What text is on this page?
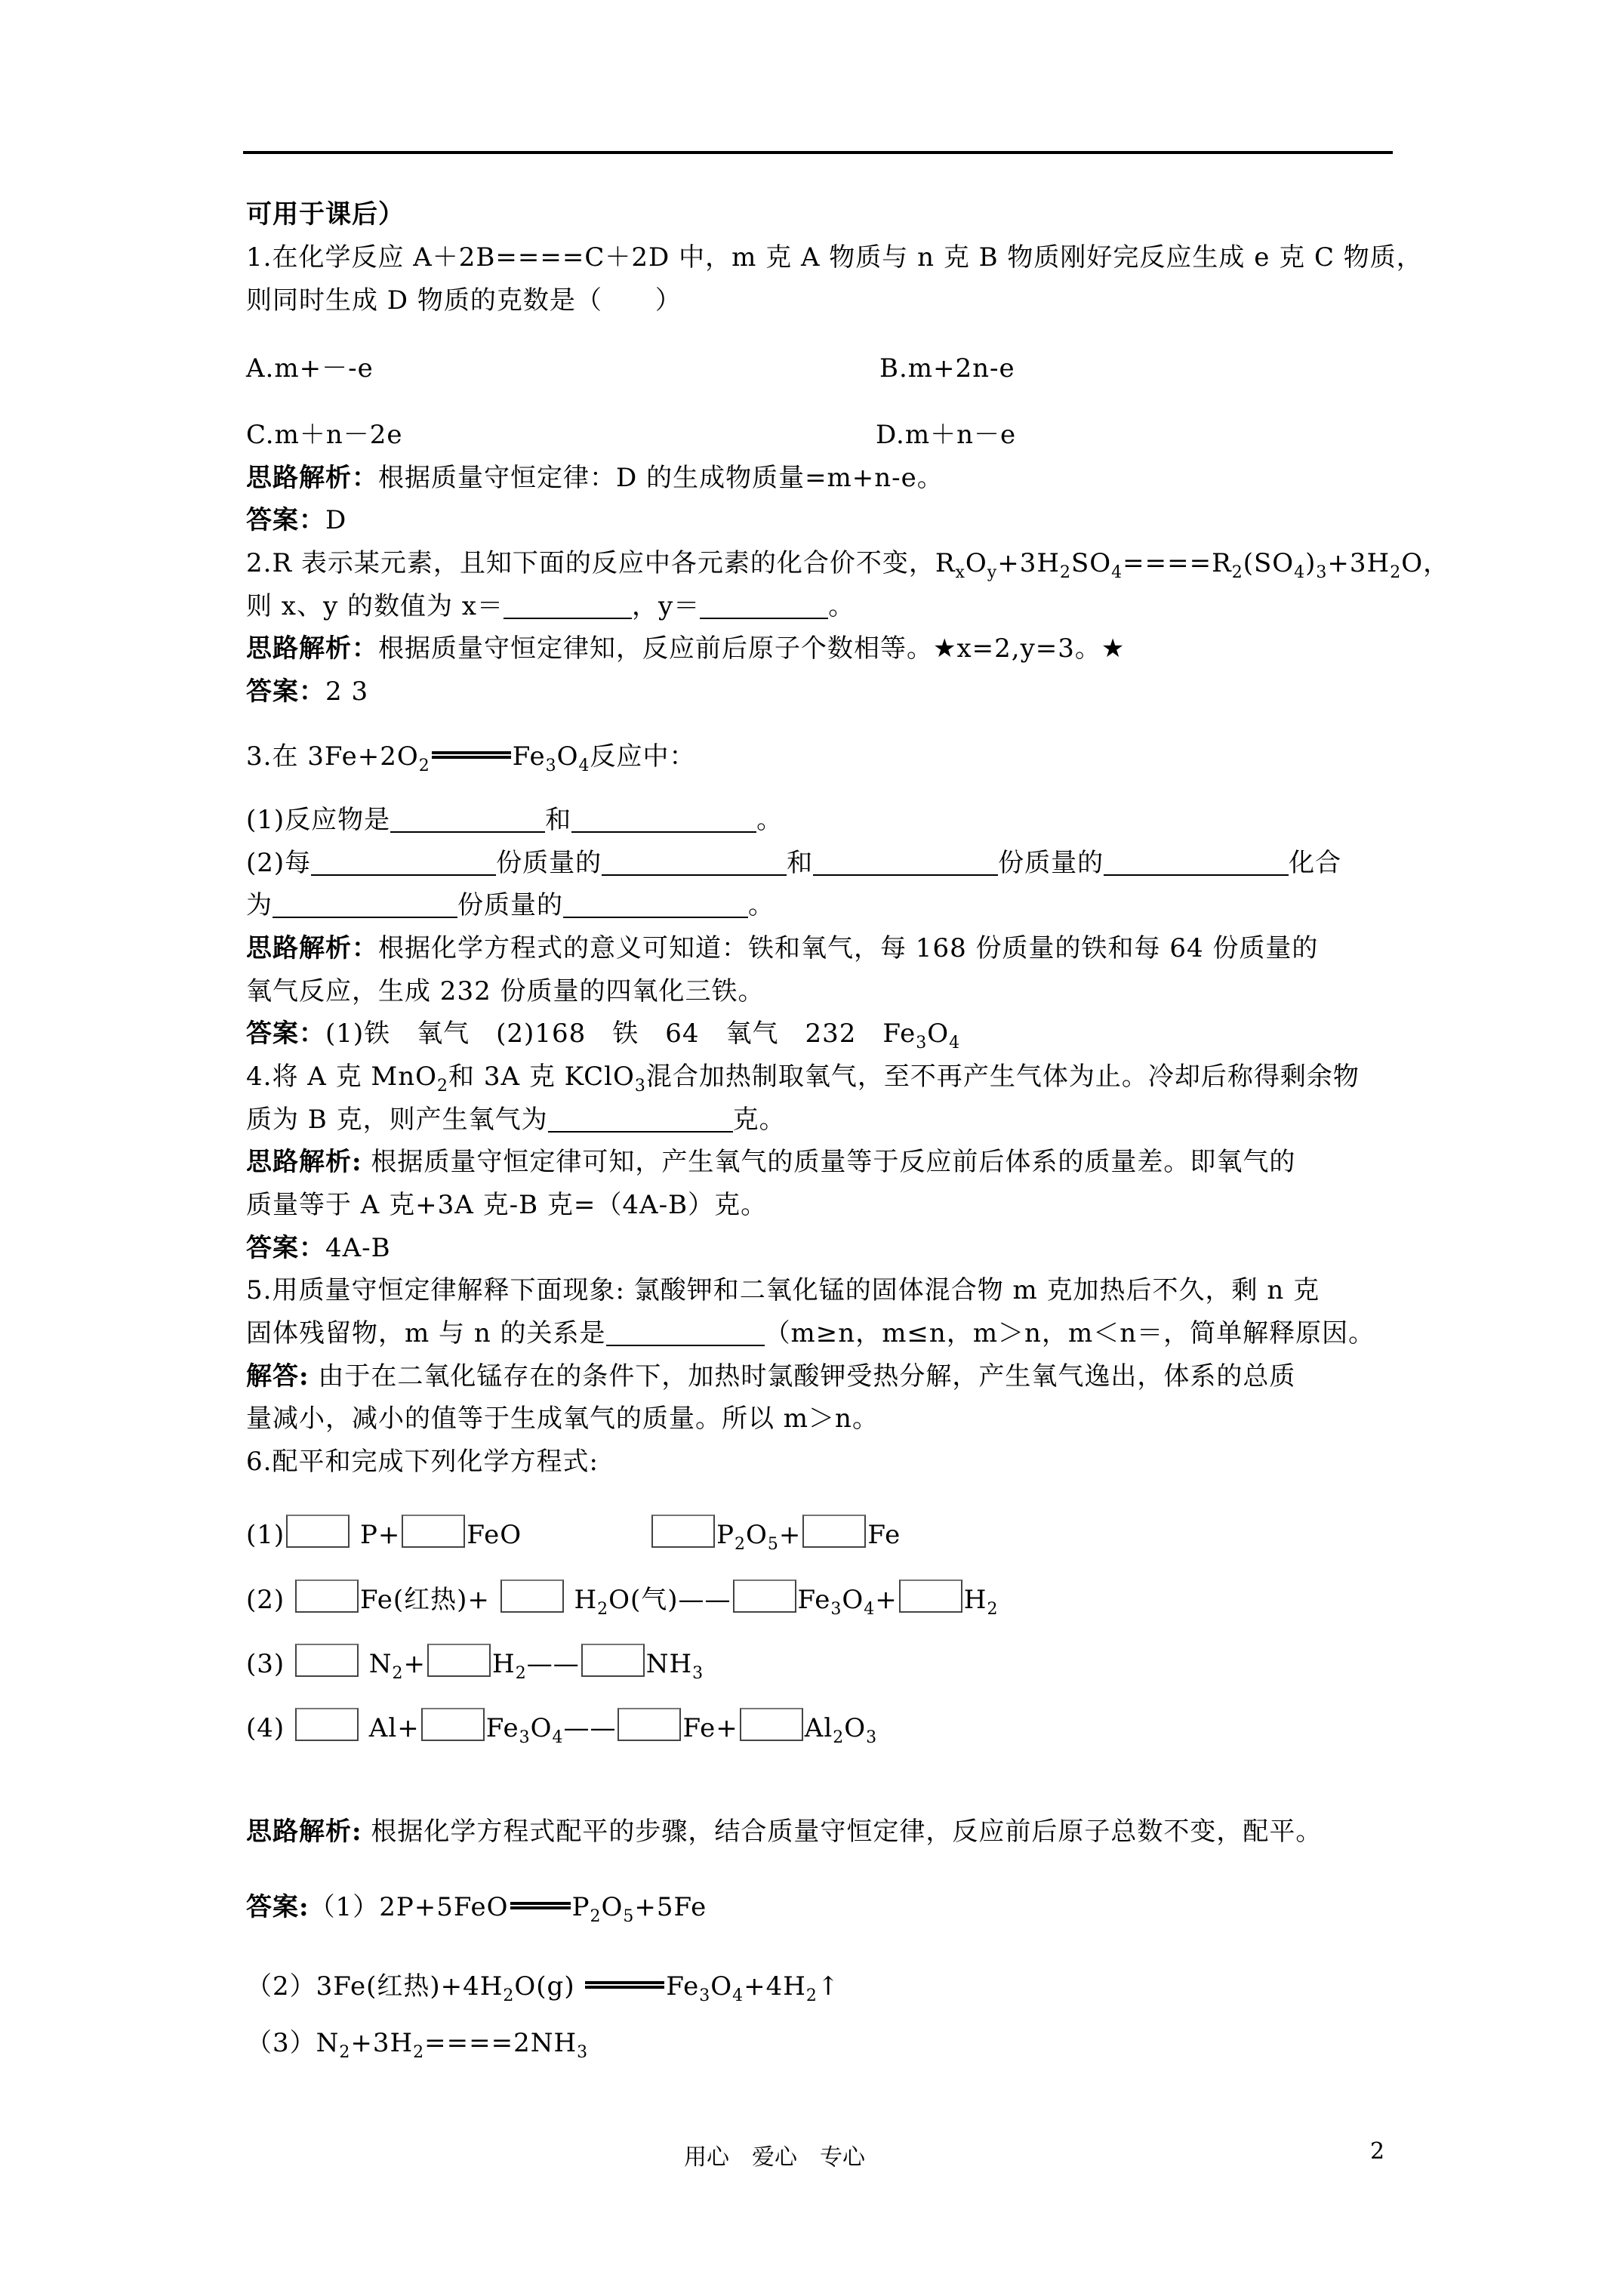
可用于课后）
1.在化学反应 A＋2B====C＋2D 中，m 克 A 物质与 n 克 B 物质刚好完反应生成 e 克 C 物质，
则同时生成 D 物质的克数是（　　）
A.m+－-e	B.m+2n-e
C.m＋n－2e	D.m＋n－e
思路解析：根据质量守恒定律：D 的生成物质量=m+n-e。
答案：D
2.R 表示某元素，且知下面的反应中各元素的化合价不变，$R_xO_y+3H_2SO_4====R_2(SO_4)_3+3H_2O$，
则 x、y 的数值为 x＝	，y＝	。
思路解析：根据质量守恒定律知，反应前后原子个数相等。★x=2,y=3。★
答案：2 3
3.在 $3Fe+2O_2$	$Fe_3O_4$反应中：
(1)反应物是	和	。
(2)每	份质量的	和	份质量的	化合
为	份质量的	。
思路解析：根据化学方程式的意义可知道：铁和氧气，每 168 份质量的铁和每 64 份质量的
氧气反应，生成 232 份质量的四氧化三铁。
答案：(1)铁　氧气　(2)168　铁　64　氧气　232　$Fe_3O_4$
4.将 A 克 MnO$_2$和 3A 克 KClO$_3$混合加热制取氧气，至不再产生气体为止。冷却后称得剩余物
质为 B 克，则产生氧气为	克。
思路解析: 根据质量守恒定律可知，产生氧气的质量等于反应前后体系的质量差。即氧气的
质量等于 A 克+3A 克-B 克=（4A-B）克。
答案：4A-B
5.用质量守恒定律解释下面现象: 氯酸钾和二氧化锰的固体混合物 m 克加热后不久，剩 n 克
固体残留物，m 与 n 的关系是	（m≥n，m≤n，m＞n，m＜n＝，简单解释原因。
解答: 由于在二氧化锰存在的条件下，加热时氯酸钾受热分解，产生氧气逸出，体系的总质
量减小，减小的值等于生成氧气的质量。所以 m＞n。
6.配平和完成下列化学方程式:
(1)	P+	FeO	$P_2O_5+$	Fe
(2)	Fe(红热)+	$H_2O$(气)——	$Fe_3O_4+$	$H_2$
(3)	$N_2+$	$H_2——$	$NH_3$
(4)	Al+	$Fe_3O_4——$	Fe+	$Al_2O_3$
思路解析: 根据化学方程式配平的步骤，结合质量守恒定律，反应前后原子总数不变，配平。
答案:（1）2P+5FeO $P_2O_5+5Fe$
（2）3Fe(红热)$+4H_2O(g)$	$Fe_3O_4+4H_2↑$
$(3)N_2+3H_2====2NH_3$
用心　爱心　专心	2
